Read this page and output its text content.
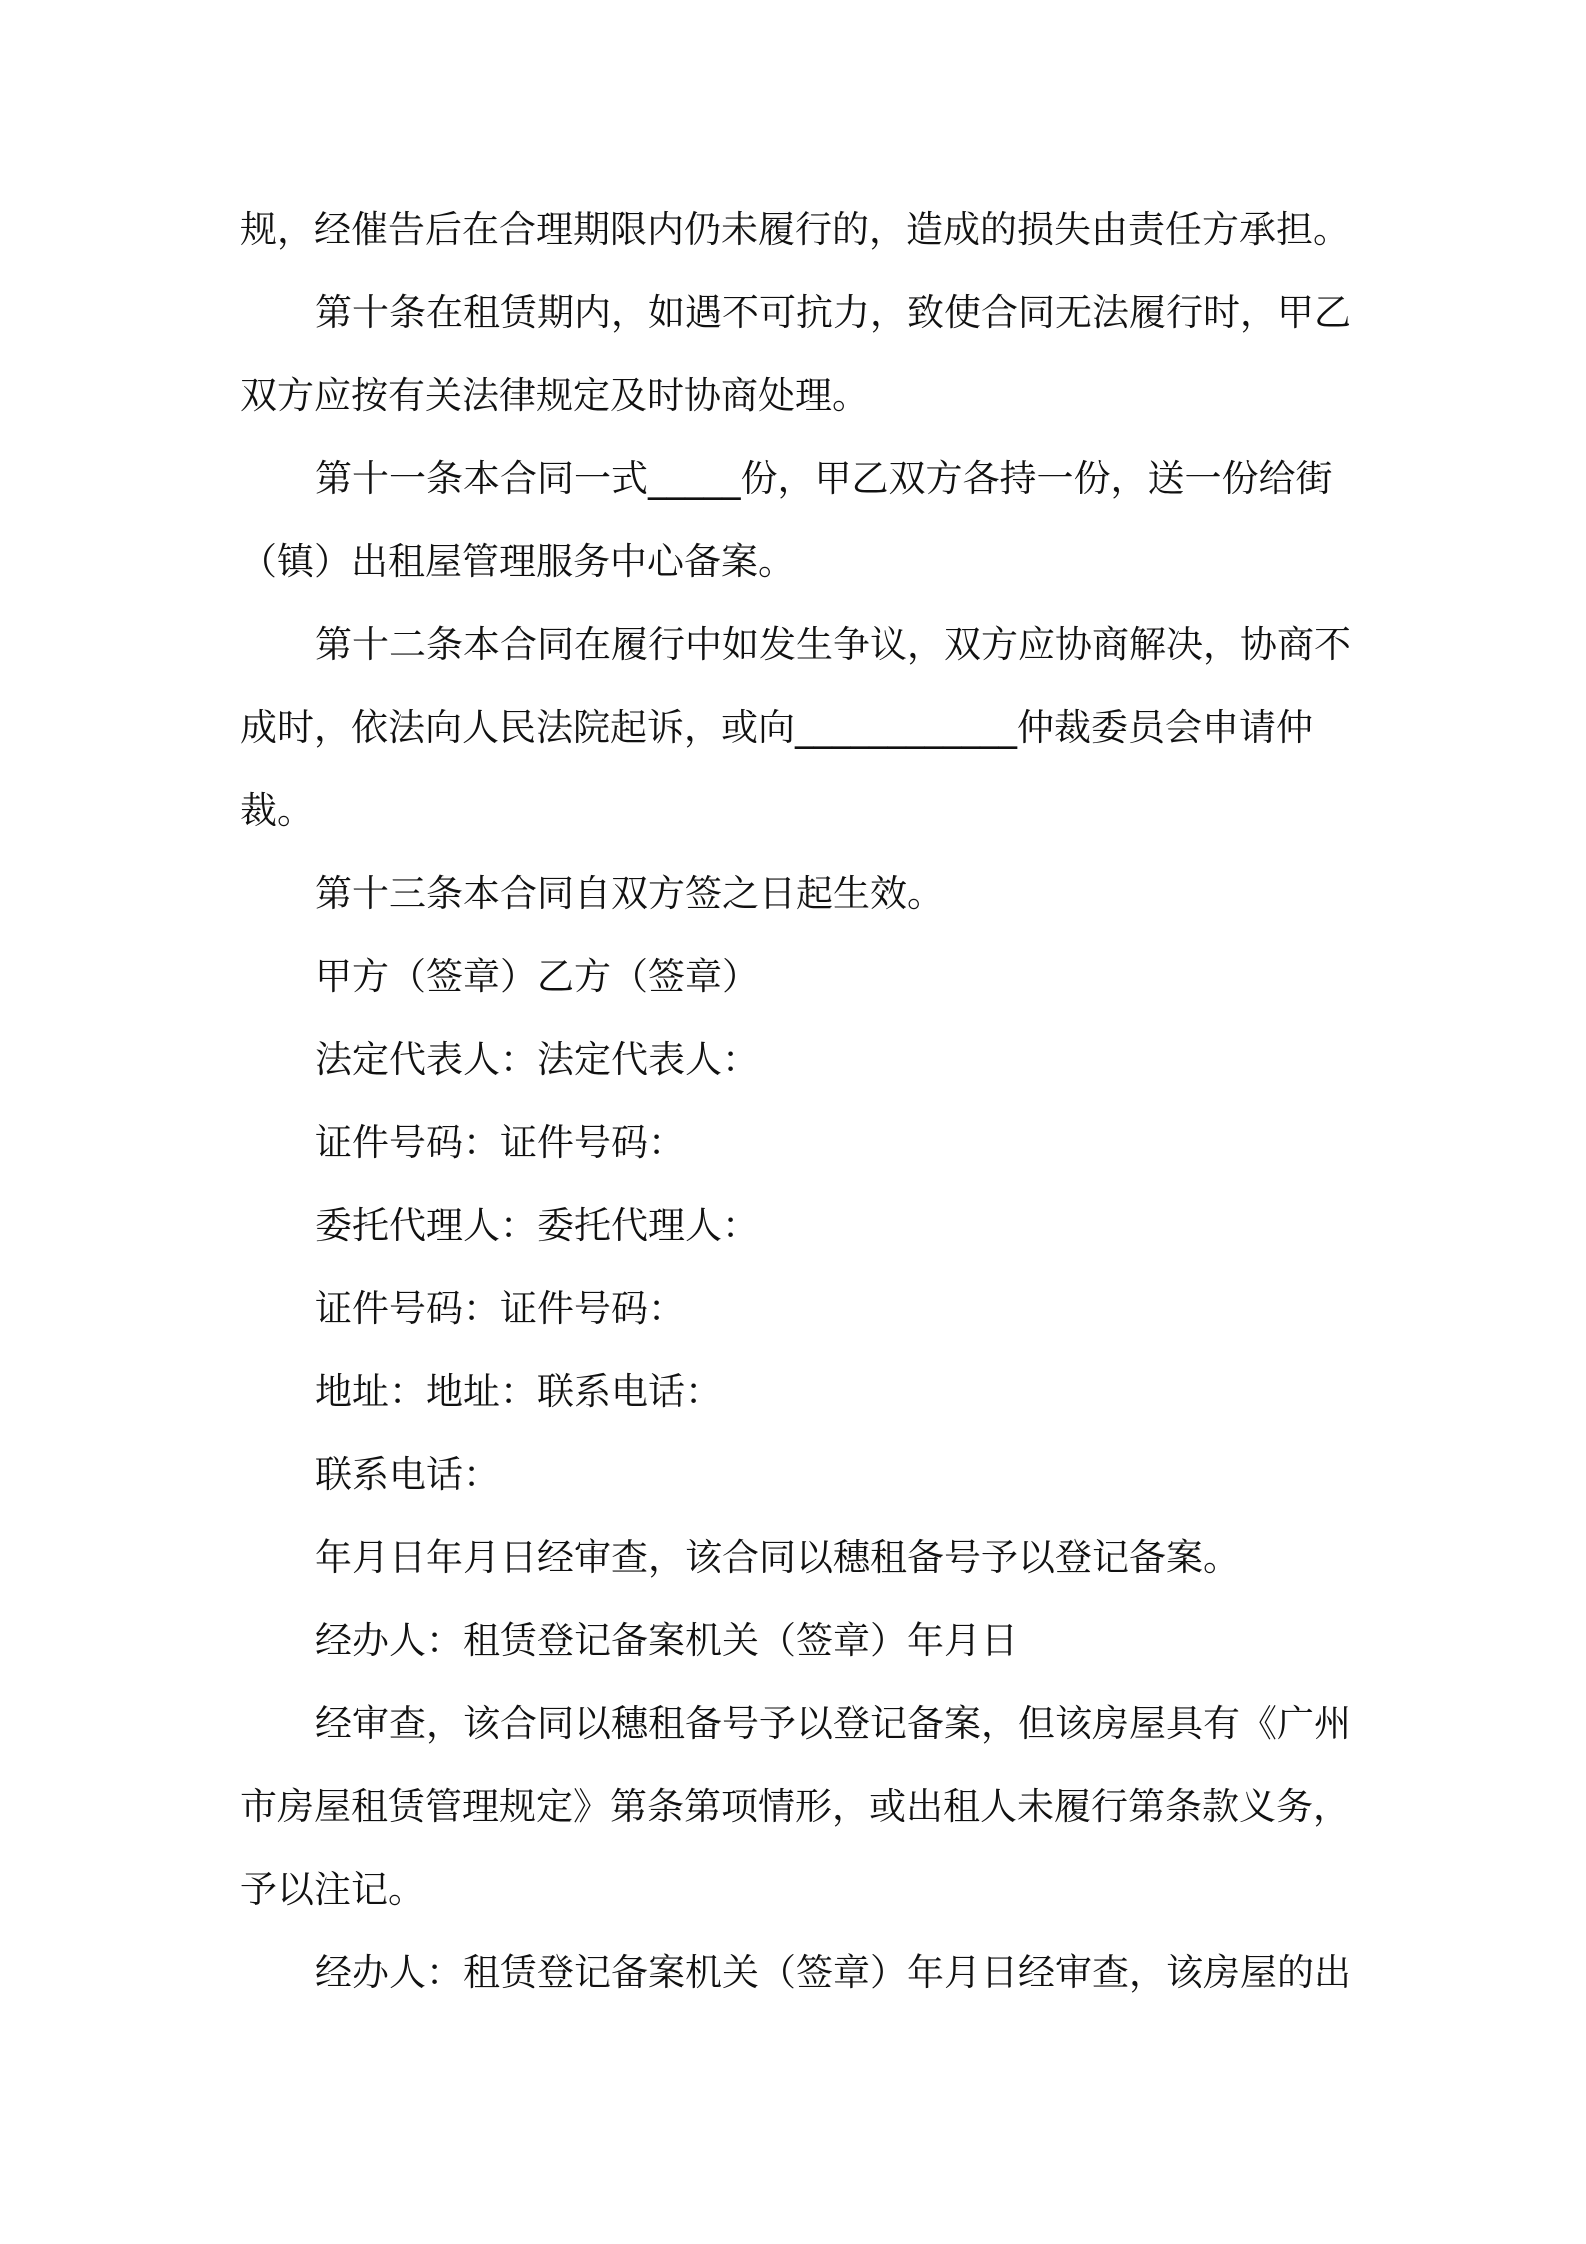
规，经催告后在合理期限内仍未履行的，造成的损失由责任方承担。

第十条在租赁期内，如遇不可抗力，致使合同无法履行时，甲乙双方应按有关法律规定及时协商处理。

第十一条本合同一式_____份，甲乙双方各持一份，送一份给街（镇）出租屋管理服务中心备案。

第十二条本合同在履行中如发生争议，双方应协商解决，协商不成时，依法向人民法院起诉，或向____________仲裁委员会申请仲裁。

第十三条本合同自双方签之日起生效。

甲方（签章）乙方（签章）

法定代表人：法定代表人：

证件号码：证件号码：

委托代理人：委托代理人：

证件号码：证件号码：

地址：地址：联系电话：

联系电话：

年月日年月日经审查，该合同以穗租备号予以登记备案。

经办人：租赁登记备案机关（签章）年月日

经审查，该合同以穗租备号予以登记备案，但该房屋具有《广州市房屋租赁管理规定》第条第项情形，或出租人未履行第条款义务，予以注记。

经办人：租赁登记备案机关（签章）年月日经审查，该房屋的出
